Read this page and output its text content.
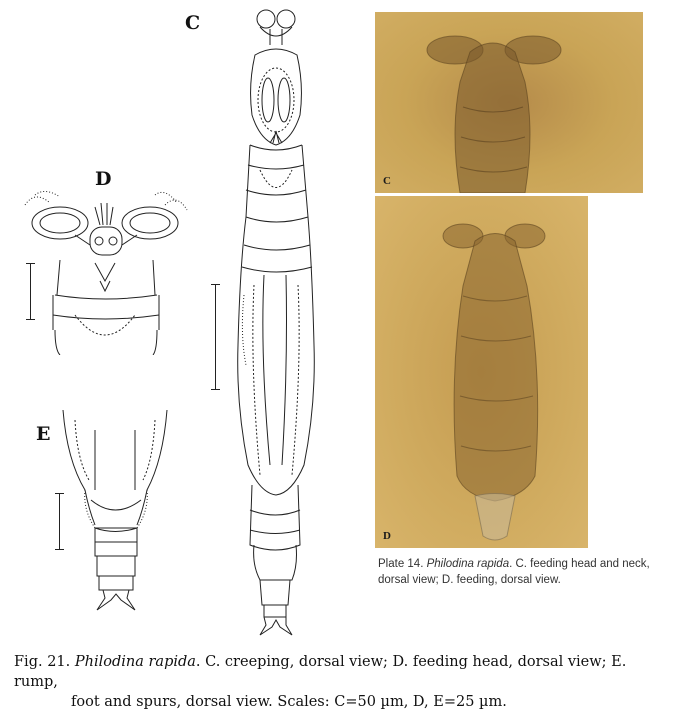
C
D
E
C
D
Plate 14. Philodina rapida. C. feeding head and neck, dorsal view; D. feeding, dorsal view.
Fig. 21. Philodina rapida. C. creeping, dorsal view; D. feeding head, dorsal view; E. rump,
foot and spurs, dorsal view. Scales: C=50 µm, D, E=25 µm.
